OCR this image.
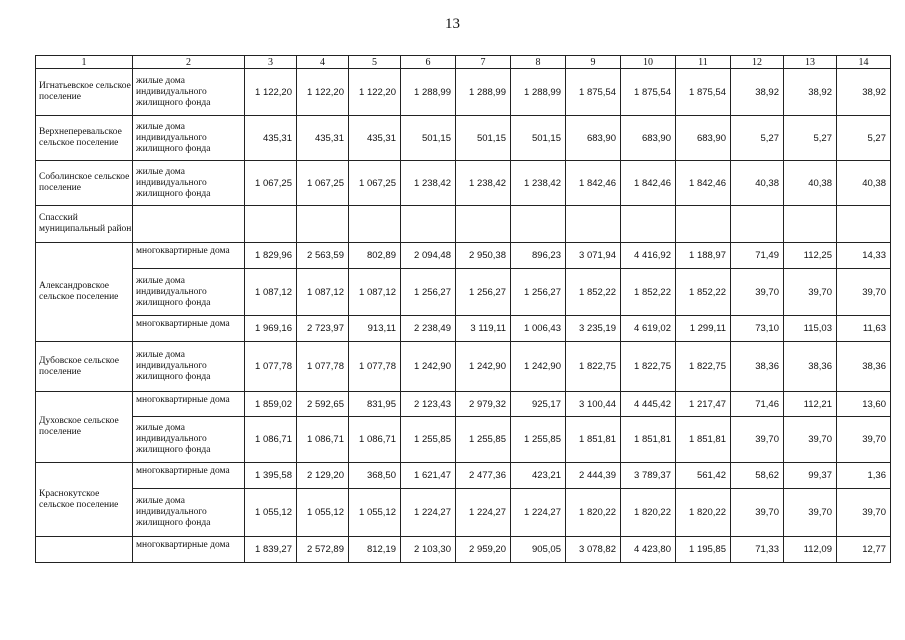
13
1	2	3	4	5	6	7	8	9	10	11	12	13	14
Игнатьевское сельское поселение	жилые дома индивидуального жилищного фонда	1 122,20	1 122,20	1 122,20	1 288,99	1 288,99	1 288,99	1 875,54	1 875,54	1 875,54	38,92	38,92	38,92
Верхнеперевальское сельское поселение	жилые дома индивидуального жилищного фонда	435,31	435,31	435,31	501,15	501,15	501,15	683,90	683,90	683,90	5,27	5,27	5,27
Соболинское сельское поселение	жилые дома индивидуального жилищного фонда	1 067,25	1 067,25	1 067,25	1 238,42	1 238,42	1 238,42	1 842,46	1 842,46	1 842,46	40,38	40,38	40,38
Спасский муниципальный район													
Александровское сельское поселение	многоквартирные дома	1 829,96	2 563,59	802,89	2 094,48	2 950,38	896,23	3 071,94	4 416,92	1 188,97	71,49	112,25	14,33
	жилые дома индивидуального жилищного фонда	1 087,12	1 087,12	1 087,12	1 256,27	1 256,27	1 256,27	1 852,22	1 852,22	1 852,22	39,70	39,70	39,70
	многоквартирные дома	1 969,16	2 723,97	913,11	2 238,49	3 119,11	1 006,43	3 235,19	4 619,02	1 299,11	73,10	115,03	11,63
Дубовское сельское поселение	жилые дома индивидуального жилищного фонда	1 077,78	1 077,78	1 077,78	1 242,90	1 242,90	1 242,90	1 822,75	1 822,75	1 822,75	38,36	38,36	38,36
Духовское сельское поселение	многоквартирные дома	1 859,02	2 592,65	831,95	2 123,43	2 979,32	925,17	3 100,44	4 445,42	1 217,47	71,46	112,21	13,60
	жилые дома индивидуального жилищного фонда	1 086,71	1 086,71	1 086,71	1 255,85	1 255,85	1 255,85	1 851,81	1 851,81	1 851,81	39,70	39,70	39,70
Краснокутское сельское поселение	многоквартирные дома	1 395,58	2 129,20	368,50	1 621,47	2 477,36	423,21	2 444,39	3 789,37	561,42	58,62	99,37	1,36
	жилые дома индивидуального жилищного фонда	1 055,12	1 055,12	1 055,12	1 224,27	1 224,27	1 224,27	1 820,22	1 820,22	1 820,22	39,70	39,70	39,70
	многоквартирные дома	1 839,27	2 572,89	812,19	2 103,30	2 959,20	905,05	3 078,82	4 423,80	1 195,85	71,33	112,09	12,77
